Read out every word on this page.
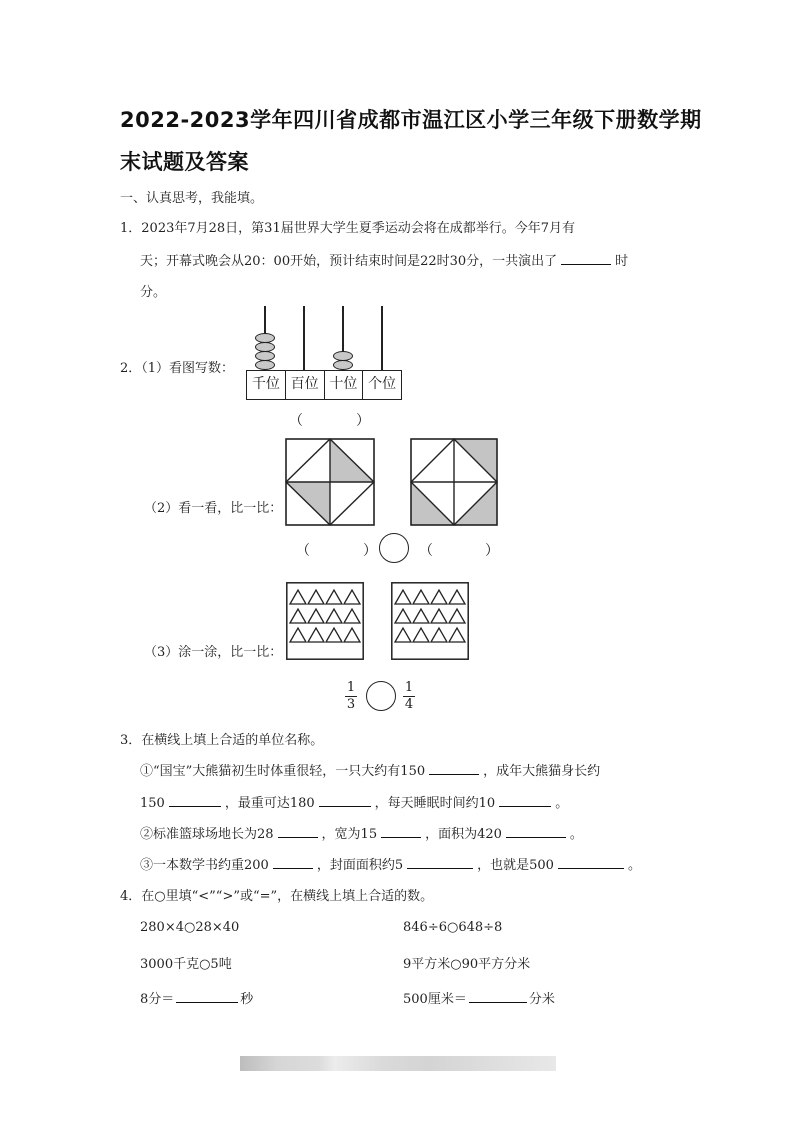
2022-2023学年四川省成都市温江区小学三年级下册数学期
末试题及答案
一、认真思考，我能填。
1．2023年7月28日，第31届世界大学生夏季运动会将在成都举行。今年7月有
天；开幕式晚会从20：00开始，预计结束时间是22时30分，一共演出了	时
分。
2．（1）看图写数：
千位 百位 十位 个位
（	）
（2）看一看，比一比：
（	）	（	）
（3）涂一涂，比一比：
1
3
1
4
3．在横线上填上合适的单位名称。
①“国宝”大熊猫初生时体重很轻，一只大约有150	，成年大熊猫身长约
150	，最重可达180	，每天睡眠时间约10	。
②标准篮球场地长为28	，宽为15	，面积为420	。
③一本数学书约重200	，封面面积约5	，也就是500	。
4．在○里填“<”“>”或“=”，在横线上填上合适的数。
280×4○28×40	846÷6○648÷8
3000千克○5吨	9平方米○90平方分米
8分＝	秒	500厘米＝	分米
